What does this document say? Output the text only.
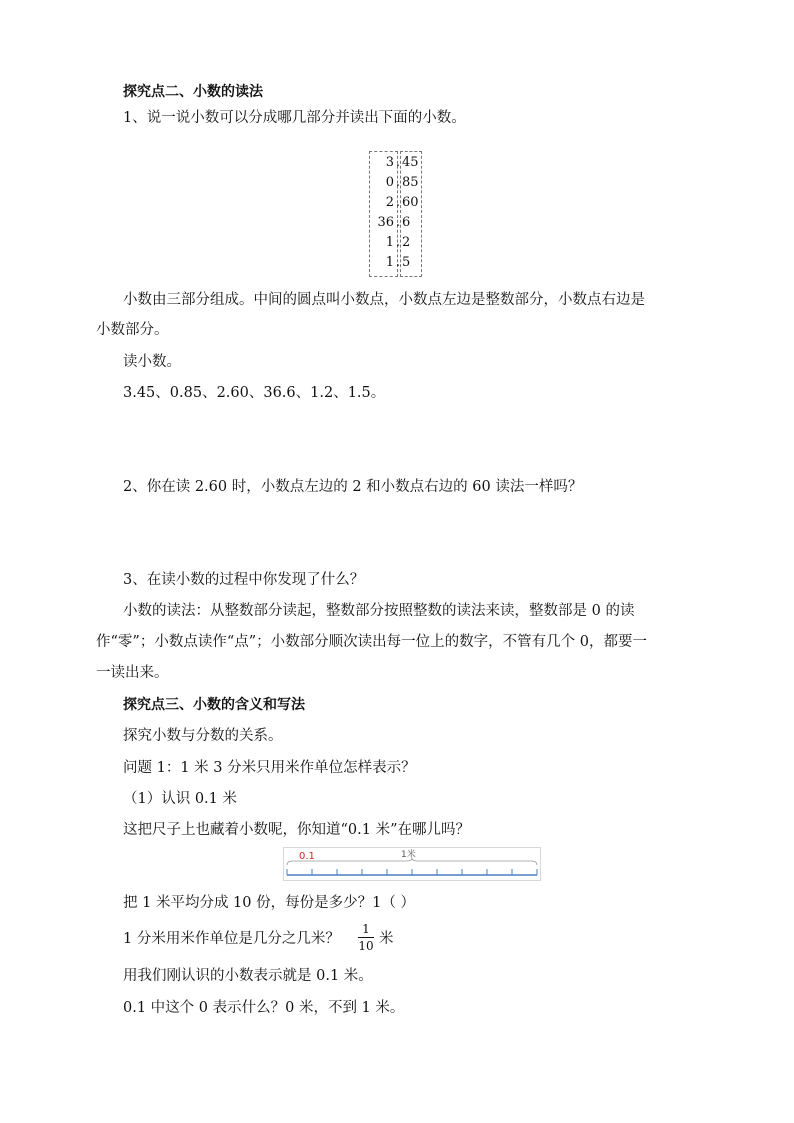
探究点二、小数的读法
1、说一说小数可以分成哪几部分并读出下面的小数。
3 . 45
0 . 85
2 . 60
36 . 6
1 . 2
1 . 5
小数由三部分组成。中间的圆点叫小数点，小数点左边是整数部分，小数点右边是
小数部分。
读小数。
3.45、0.85、2.60、36.6、1.2、1.5。
2、你在读 2.60 时，小数点左边的 2 和小数点右边的 60 读法一样吗？
3、在读小数的过程中你发现了什么？
小数的读法：从整数部分读起，整数部分按照整数的读法来读，整数部是 0 的读
作“零”；小数点读作“点”；小数部分顺次读出每一位上的数字，不管有几个 0，都要一
一读出来。
探究点三、小数的含义和写法
探究小数与分数的关系。
问题 1：1 米 3 分米只用米作单位怎样表示？
（1）认识 0.1 米
这把尺子上也藏着小数呢，你知道“0.1 米”在哪儿吗？
0.1	1米
把 1 米平均分成 10 份，每份是多少？1（ ）
1 分米用米作单位是几分之几米？
1
10 米
用我们刚认识的小数表示就是 0.1 米。
0.1 中这个 0 表示什么？0 米，不到 1 米。
